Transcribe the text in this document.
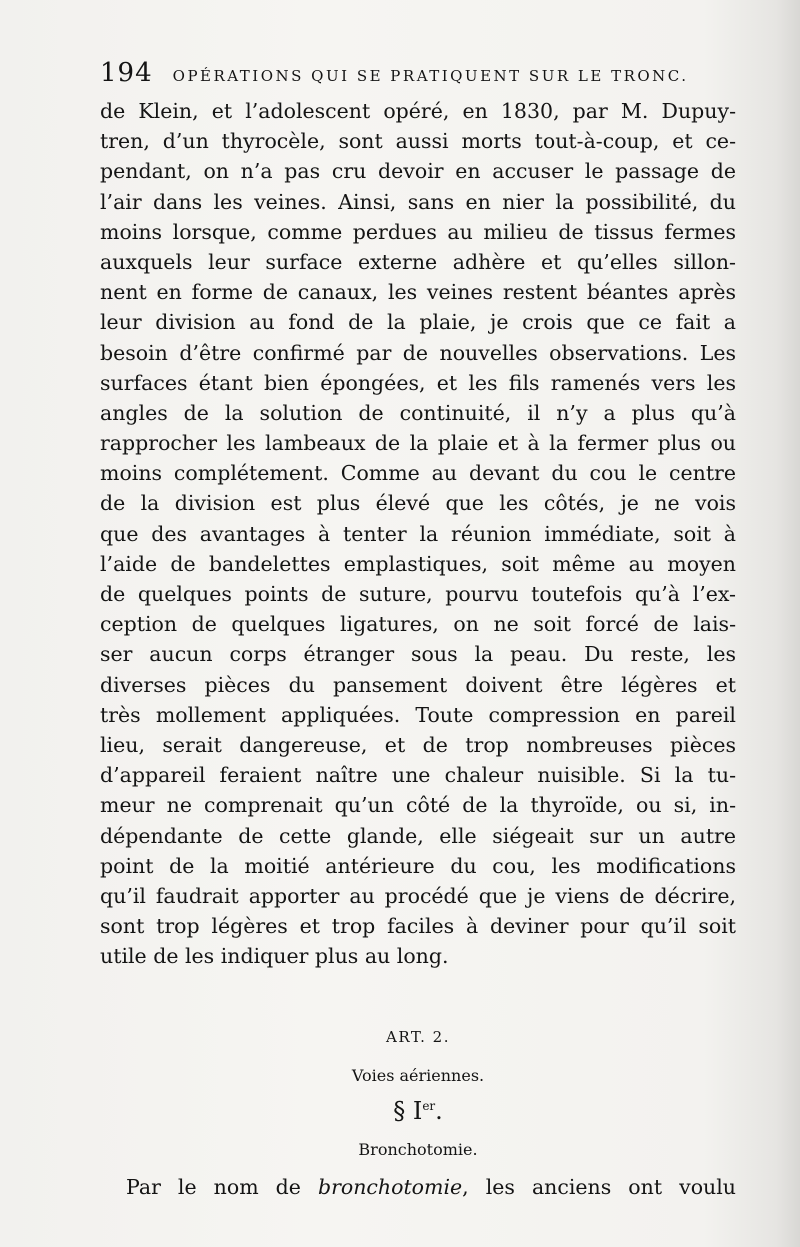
194 OPÉRATIONS QUI SE PRATIQUENT SUR LE TRONC.
de Klein, et l’adolescent opéré, en 1830, par M. Dupuy-
tren, d’un thyrocèle, sont aussi morts tout-à-coup, et ce-
pendant, on n’a pas cru devoir en accuser le passage de
l’air dans les veines. Ainsi, sans en nier la possibilité, du
moins lorsque, comme perdues au milieu de tissus fermes
auxquels leur surface externe adhère et qu’elles sillon-
nent en forme de canaux, les veines restent béantes après
leur division au fond de la plaie, je crois que ce fait a
besoin d’être confirmé par de nouvelles observations. Les
surfaces étant bien épongées, et les fils ramenés vers les
angles de la solution de continuité, il n’y a plus qu’à
rapprocher les lambeaux de la plaie et à la fermer plus ou
moins complétement. Comme au devant du cou le centre
de la division est plus élevé que les côtés, je ne vois
que des avantages à tenter la réunion immédiate, soit à
l’aide de bandelettes emplastiques, soit même au moyen
de quelques points de suture, pourvu toutefois qu’à l’ex-
ception de quelques ligatures, on ne soit forcé de lais-
ser aucun corps étranger sous la peau. Du reste, les
diverses pièces du pansement doivent être légères et
très mollement appliquées. Toute compression en pareil
lieu, serait dangereuse, et de trop nombreuses pièces
d’appareil feraient naître une chaleur nuisible. Si la tu-
meur ne comprenait qu’un côté de la thyroïde, ou si, in-
dépendante de cette glande, elle siégeait sur un autre
point de la moitié antérieure du cou, les modifications
qu’il faudrait apporter au procédé que je viens de décrire,
sont trop légères et trop faciles à deviner pour qu’il soit
utile de les indiquer plus au long.
ART. 2.
Voies aériennes.
§ Ier.
Bronchotomie.
Par le nom de bronchotomie, les anciens ont voulu
